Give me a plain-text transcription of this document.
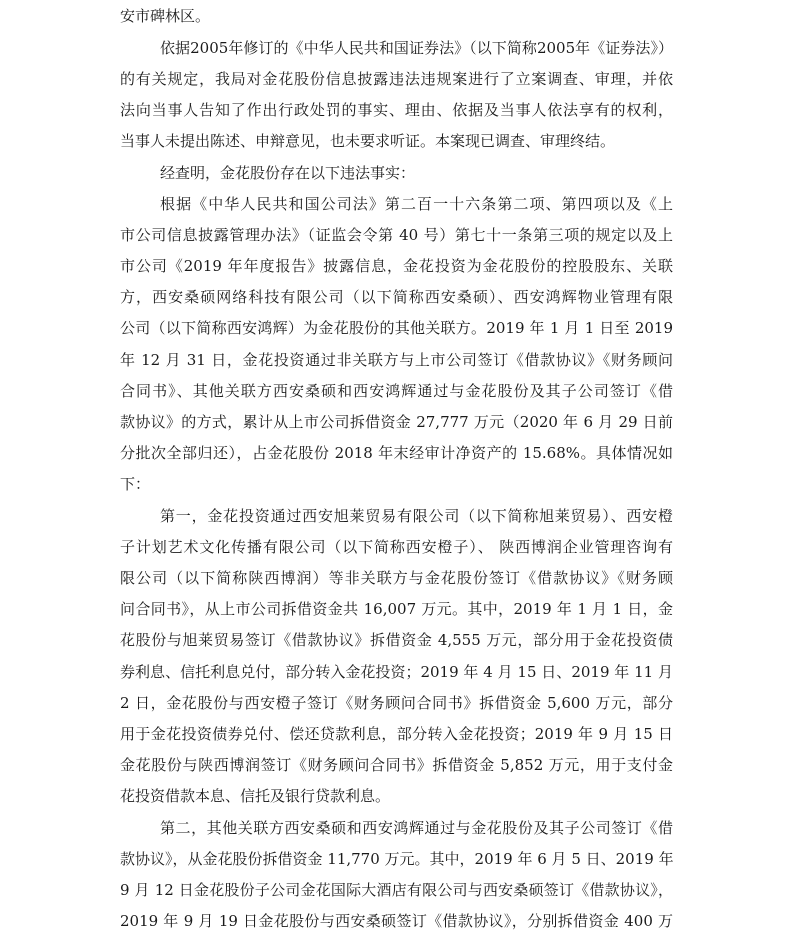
安市碑林区。
依据2005年修订的《中华人民共和国证券法》（以下简称2005年《证券法》）
的有关规定，我局对金花股份信息披露违法违规案进行了立案调查、审理，并依
法向当事人告知了作出行政处罚的事实、理由、依据及当事人依法享有的权利，
当事人未提出陈述、申辩意见，也未要求听证。本案现已调查、审理终结。
经查明，金花股份存在以下违法事实：
根据《中华人民共和国公司法》第二百一十六条第二项、第四项以及《上
市公司信息披露管理办法》（证监会令第 40 号）第七十一条第三项的规定以及上
市公司《2019 年年度报告》披露信息，金花投资为金花股份的控股股东、关联
方，西安桑硕网络科技有限公司（以下简称西安桑硕）、西安鸿辉物业管理有限
公司（以下简称西安鸿辉）为金花股份的其他关联方。2019 年 1 月 1 日至 2019
年 12 月 31 日，金花投资通过非关联方与上市公司签订《借款协议》《财务顾问
合同书》、其他关联方西安桑硕和西安鸿辉通过与金花股份及其子公司签订《借
款协议》的方式，累计从上市公司拆借资金 27,777 万元（2020 年 6 月 29 日前
分批次全部归还），占金花股份 2018 年末经审计净资产的 15.68%。具体情况如
下：
第一，金花投资通过西安旭莱贸易有限公司（以下简称旭莱贸易）、西安橙
子计划艺术文化传播有限公司（以下简称西安橙子）、 陕西博润企业管理咨询有
限公司（以下简称陕西博润）等非关联方与金花股份签订《借款协议》《财务顾
问合同书》，从上市公司拆借资金共 16,007 万元。其中，2019 年 1 月 1 日，金
花股份与旭莱贸易签订《借款协议》拆借资金 4,555 万元，部分用于金花投资债
券利息、信托利息兑付，部分转入金花投资；2019 年 4 月 15 日、2019 年 11 月
2 日，金花股份与西安橙子签订《财务顾问合同书》拆借资金 5,600 万元，部分
用于金花投资债券兑付、偿还贷款利息，部分转入金花投资；2019 年 9 月 15 日
金花股份与陕西博润签订《财务顾问合同书》拆借资金 5,852 万元，用于支付金
花投资借款本息、信托及银行贷款利息。
第二，其他关联方西安桑硕和西安鸿辉通过与金花股份及其子公司签订《借
款协议》，从金花股份拆借资金 11,770 万元。其中，2019 年 6 月 5 日、2019 年
9 月 12 日金花股份子公司金花国际大酒店有限公司与西安桑硕签订《借款协议》，
2019 年 9 月 19 日金花股份与西安桑硕签订《借款协议》，分别拆借资金 400 万
